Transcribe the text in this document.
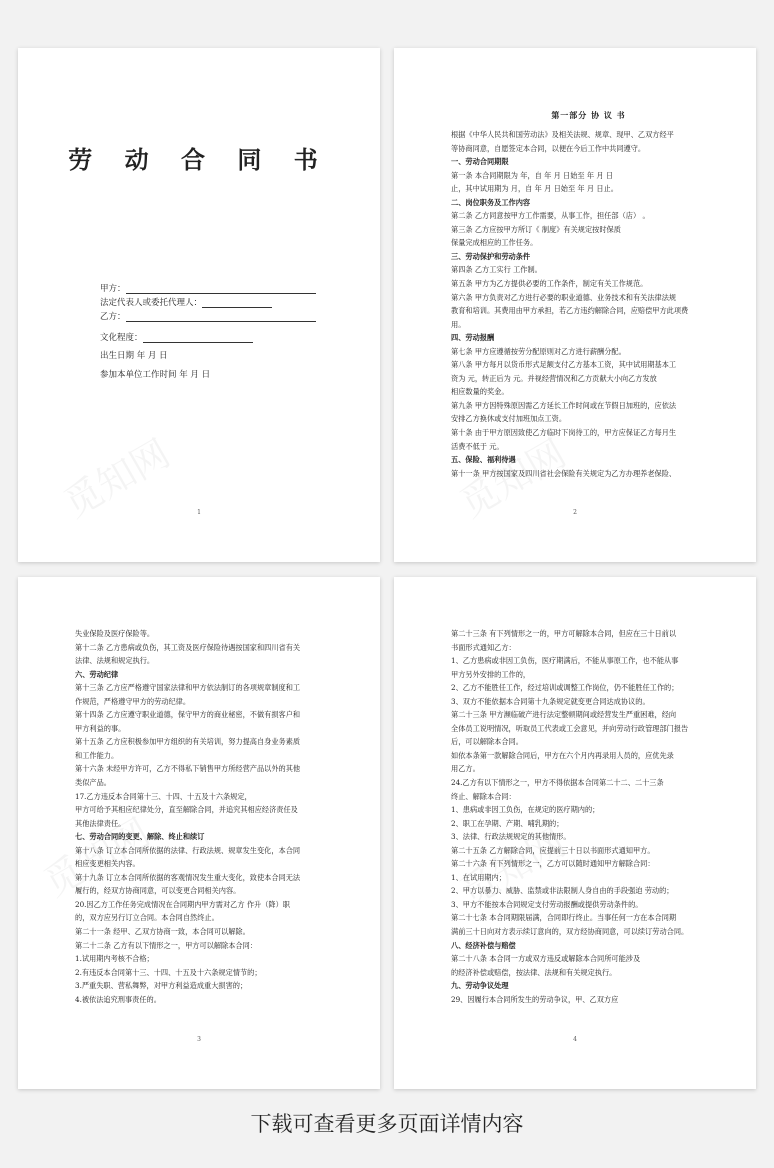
劳 动 合 同 书
甲方：
法定代表人或委托代理人：
乙方：
文化程度：
出生日期 年 月 日
参加本单位工作时间 年 月 日
1
第一部分 协 议 书
根据《中华人民共和国劳动法》及相关法规、规章、现甲、乙双方经平
等协商同意，自愿签定本合同，以便在今后工作中共同遵守。
一、劳动合同期限
第一条 本合同期限为 年，自 年 月 日始至 年 月 日
止，其中试用期为 月，自 年 月 日始至 年 月 日止。
二、岗位职务及工作内容
第二条 乙方同意按甲方工作需要，从事工作，担任部（店） 。
第三条 乙方应按甲方所订《 制度》有关规定按时保质
保量完成相应的工作任务。
三、劳动保护和劳动条件
第四条 乙方工实行 工作制。
第五条 甲方为乙方提供必要的工作条件，制定有关工作规范。
第六条 甲方负责对乙方进行必要的职业道德、业务技术和有关法律法规
教育和培训。其费用由甲方承担，若乙方违约解除合同，应赔偿甲方此项费
用。
四、劳动报酬
第七条 甲方应遵循按劳分配原则对乙方进行薪酬分配。
第八条 甲方每月以货币形式足额支付乙方基本工资，其中试用期基本工
资为 元，转正后为 元。并视经营情况和乙方贡献大小向乙方发放
相应数量的奖金。
第九条 甲方因特殊原因需乙方延长工作时间或在节假日加班的，应依法
安排乙方换休或支付加班加点工资。
第十条 由于甲方原因致使乙方临时下岗待工的，甲方应保证乙方每月生
活费不低于 元。
五、保险、福利待遇
第十一条 甲方按国家及四川省社会保险有关规定为乙方办理养老保险、
2
失业保险及医疗保险等。
第十二条 乙方患病或负伤，其工资及医疗保险待遇按国家和四川省有关
法律、法规和规定执行。
六、劳动纪律
第十三条 乙方应严格遵守国家法律和甲方依法制订的各项规章制度和工
作规范，严格遵守甲方的劳动纪律。
第十四条 乙方应遵守职业道德，保守甲方的商业秘密，不做有损客户和
甲方利益的事。
第十五条 乙方应积极参加甲方组织的有关培训，努力提高自身业务素质
和工作能力。
第十六条 未经甲方许可，乙方不得私下销售甲方所经营产品以外的其他
类似产品。
17.乙方违反本合同第十三、十四、十五及十六条规定，
甲方可给予其相应纪律处分，直至解除合同，并追究其相应经济责任及
其他法律责任。
七、劳动合同的变更、解除、终止和续订
第十八条 订立本合同所依据的法律、行政法规、规章发生变化，本合同
相应变更相关内容。
第十九条 订立本合同所依据的客观情况发生重大变化，致使本合同无法
履行的，经双方协商同意，可以变更合同相关内容。
20.因乙方工作任务完成情况在合同期内甲方需对乙方 作升（降）职
的，双方应另行订立合同。本合同自然终止。
第二十一条 经甲、乙双方协商一致，本合同可以解除。
第二十二条 乙方有以下情形之一，甲方可以解除本合同：
1.试用期内考核不合格；
2.有违反本合同第十三、十四、十五及十六条规定情节的；
3.严重失职、营私舞弊，对甲方利益造成重大损害的；
4.被依法追究刑事责任的。
3
第二十三条 有下列情形之一的，甲方可解除本合同，但应在三十日前以
书面形式通知乙方：
1、乙方患病或非因工负伤，医疗期满后，不能从事原工作，也不能从事
甲方另外安排的工作的，
2、乙方不能胜任工作，经过培训或调整工作岗位，仍不能胜任工作的；
3、双方不能依据本合同第十九条规定就变更合同达成协议的。
第二十三条 甲方濒临破产进行法定整顿期间或经营发生严重困难，经向
全体员工说明情况，听取员工代表或工会意见，并向劳动行政管理部门报告
后，可以解除本合同。
如依本条第一款解除合同后，甲方在六个月内再录用人员的，应优先录
用乙方。
24.乙方有以下情形之一，甲方不得依据本合同第二十二、二十三条
终止、解除本合同：
1、患病或非因工负伤，在规定的医疗期内的；
2、职工在孕期、产期、哺乳期的；
3、法律、行政法规规定的其他情形。
第二十五条 乙方解除合同，应提前三十日以书面形式通知甲方。
第二十六条 有下列情形之一，乙方可以随时通知甲方解除合同：
1、在试用期内；
2、甲方以暴力、威胁、监禁或非法限制人身自由的手段强迫 劳动的；
3、甲方不能按本合同规定支付劳动报酬或提供劳动条件的。
第二十七条 本合同期限届满，合同即行终止。当事任何一方在本合同期
满前三十日向对方表示续订意向的，双方经协商同意，可以续订劳动合同。
八、经济补偿与赔偿
第二十八条 本合同一方或双方违反或解除本合同所可能涉及
的经济补偿或赔偿，按法律、法规和有关规定执行。
九、劳动争议处理
29、因履行本合同所发生的劳动争议，甲、乙双方应
4
下载可查看更多页面详情内容
